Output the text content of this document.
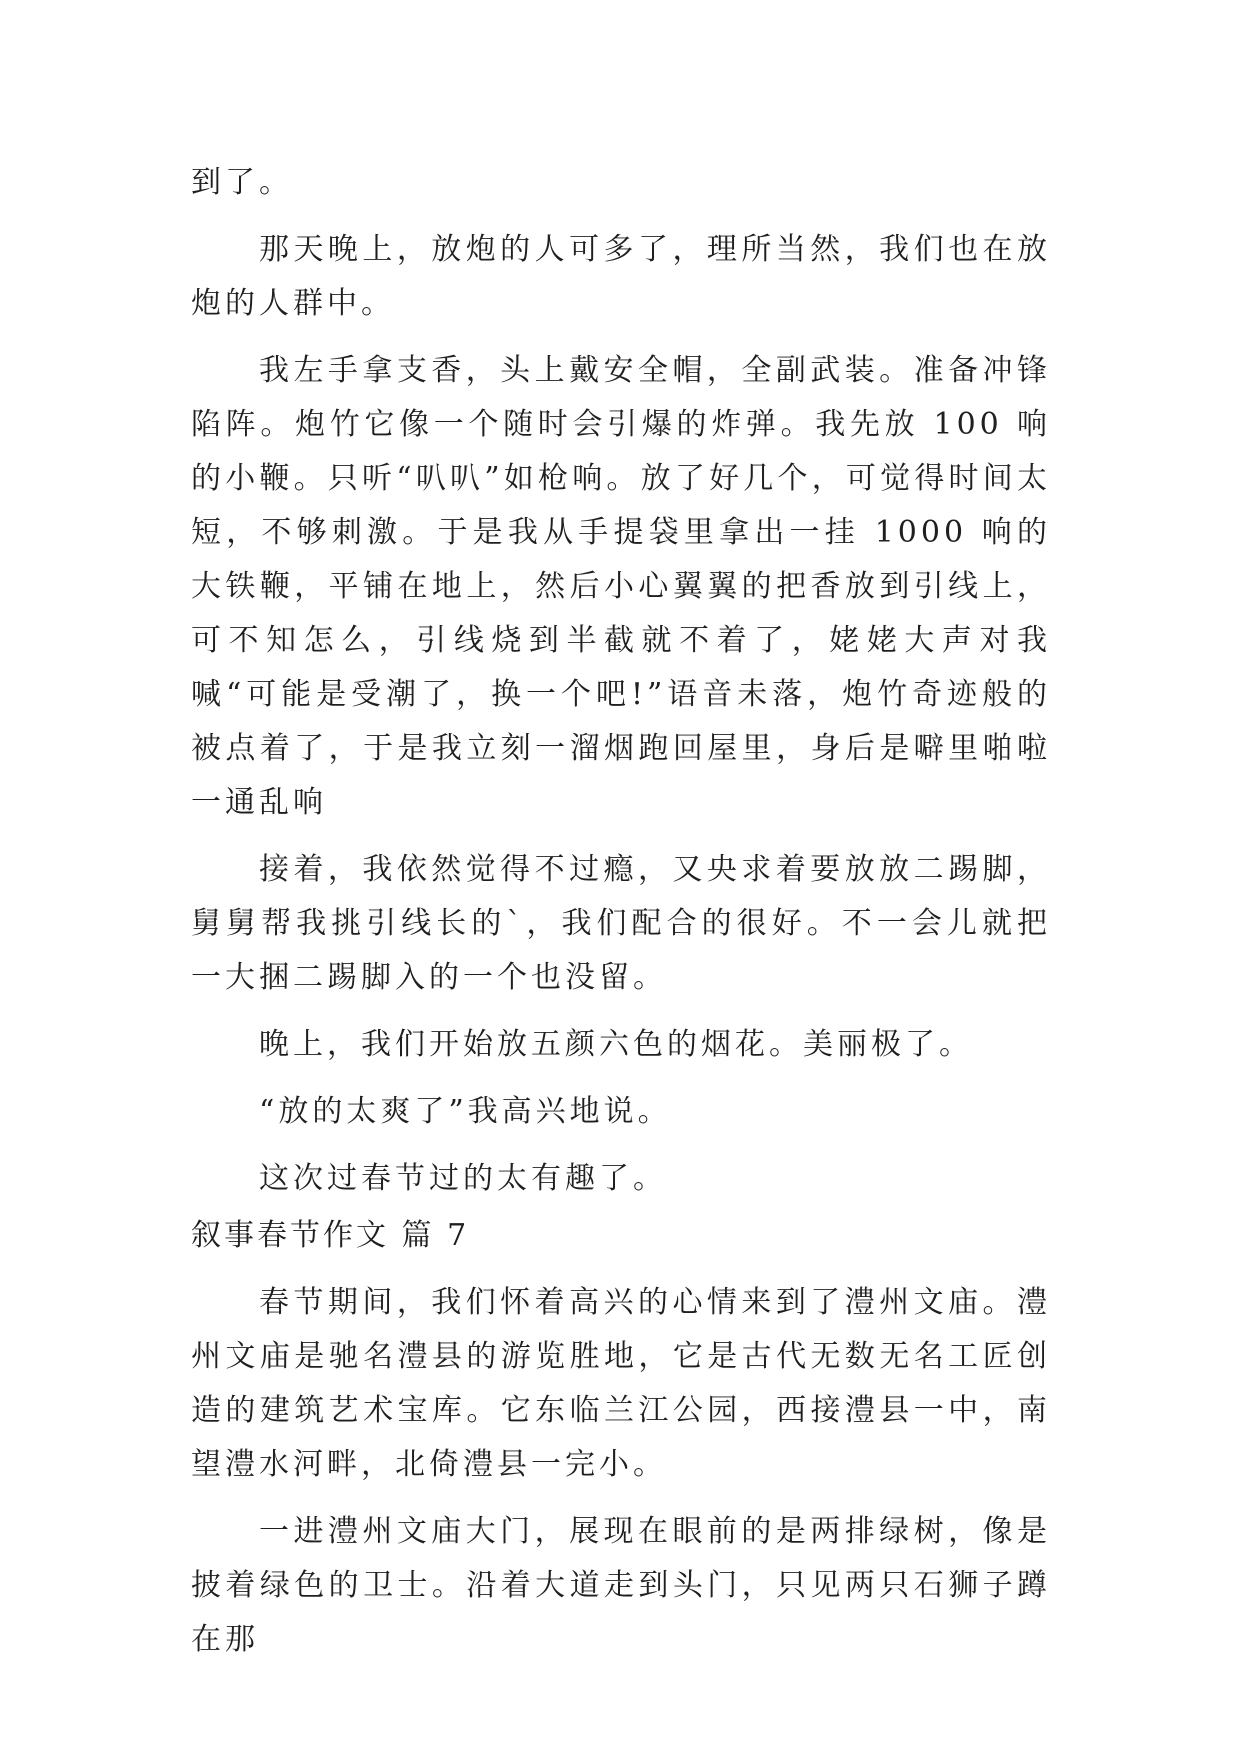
到了。

那天晚上，放炮的人可多了，理所当然，我们也在放炮的人群中。

我左手拿支香，头上戴安全帽，全副武装。准备冲锋陷阵。炮竹它像一个随时会引爆的炸弹。我先放 100 响的小鞭。只听“叭叭”如枪响。放了好几个，可觉得时间太短，不够刺激。于是我从手提袋里拿出一挂 1000 响的大铁鞭，平铺在地上，然后小心翼翼的把香放到引线上，可不知怎么，引线烧到半截就不着了，姥姥大声对我喊“可能是受潮了，换一个吧!”语音未落，炮竹奇迹般的被点着了，于是我立刻一溜烟跑回屋里，身后是噼里啪啦一通乱响

接着，我依然觉得不过瘾，又央求着要放放二踢脚，舅舅帮我挑引线长的`，我们配合的很好。不一会儿就把一大捆二踢脚入的一个也没留。

晚上，我们开始放五颜六色的烟花。美丽极了。

“放的太爽了”我高兴地说。

这次过春节过的太有趣了。

叙事春节作文 篇 7

春节期间，我们怀着高兴的心情来到了澧州文庙。澧州文庙是驰名澧县的游览胜地，它是古代无数无名工匠创造的建筑艺术宝库。它东临兰江公园，西接澧县一中，南望澧水河畔，北倚澧县一完小。

一进澧州文庙大门，展现在眼前的是两排绿树，像是披着绿色的卫士。沿着大道走到头门，只见两只石狮子蹲在那
